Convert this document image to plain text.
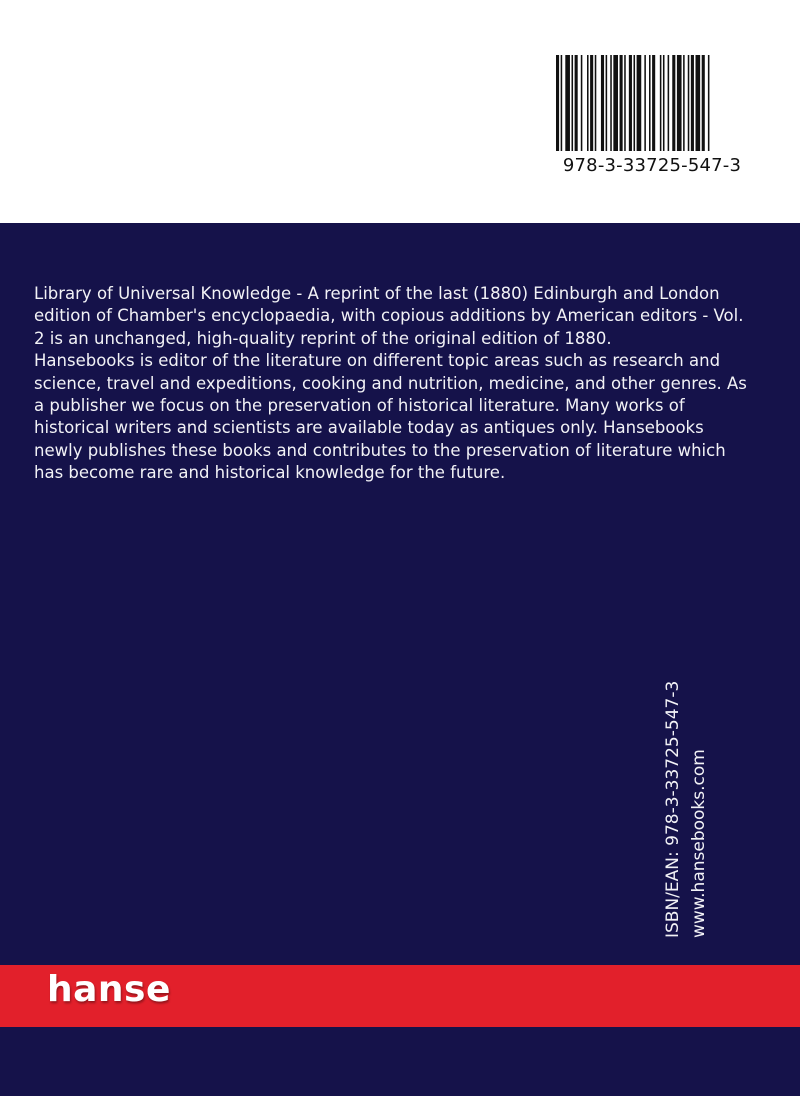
978-3-33725-547-3
Library of Universal Knowledge - A reprint of the last (1880) Edinburgh and London
edition of Chamber's encyclopaedia, with copious additions by American editors - Vol.
2 is an unchanged, high-quality reprint of the original edition of 1880.
Hansebooks is editor of the literature on different topic areas such as research and
science, travel and expeditions, cooking and nutrition, medicine, and other genres. As
a publisher we focus on the preservation of historical literature. Many works of
historical writers and scientists are available today as antiques only. Hansebooks
newly publishes these books and contributes to the preservation of literature which
has become rare and historical knowledge for the future.
ISBN/EAN: 978-3-33725-547-3 www.hansebooks.com
hanse
